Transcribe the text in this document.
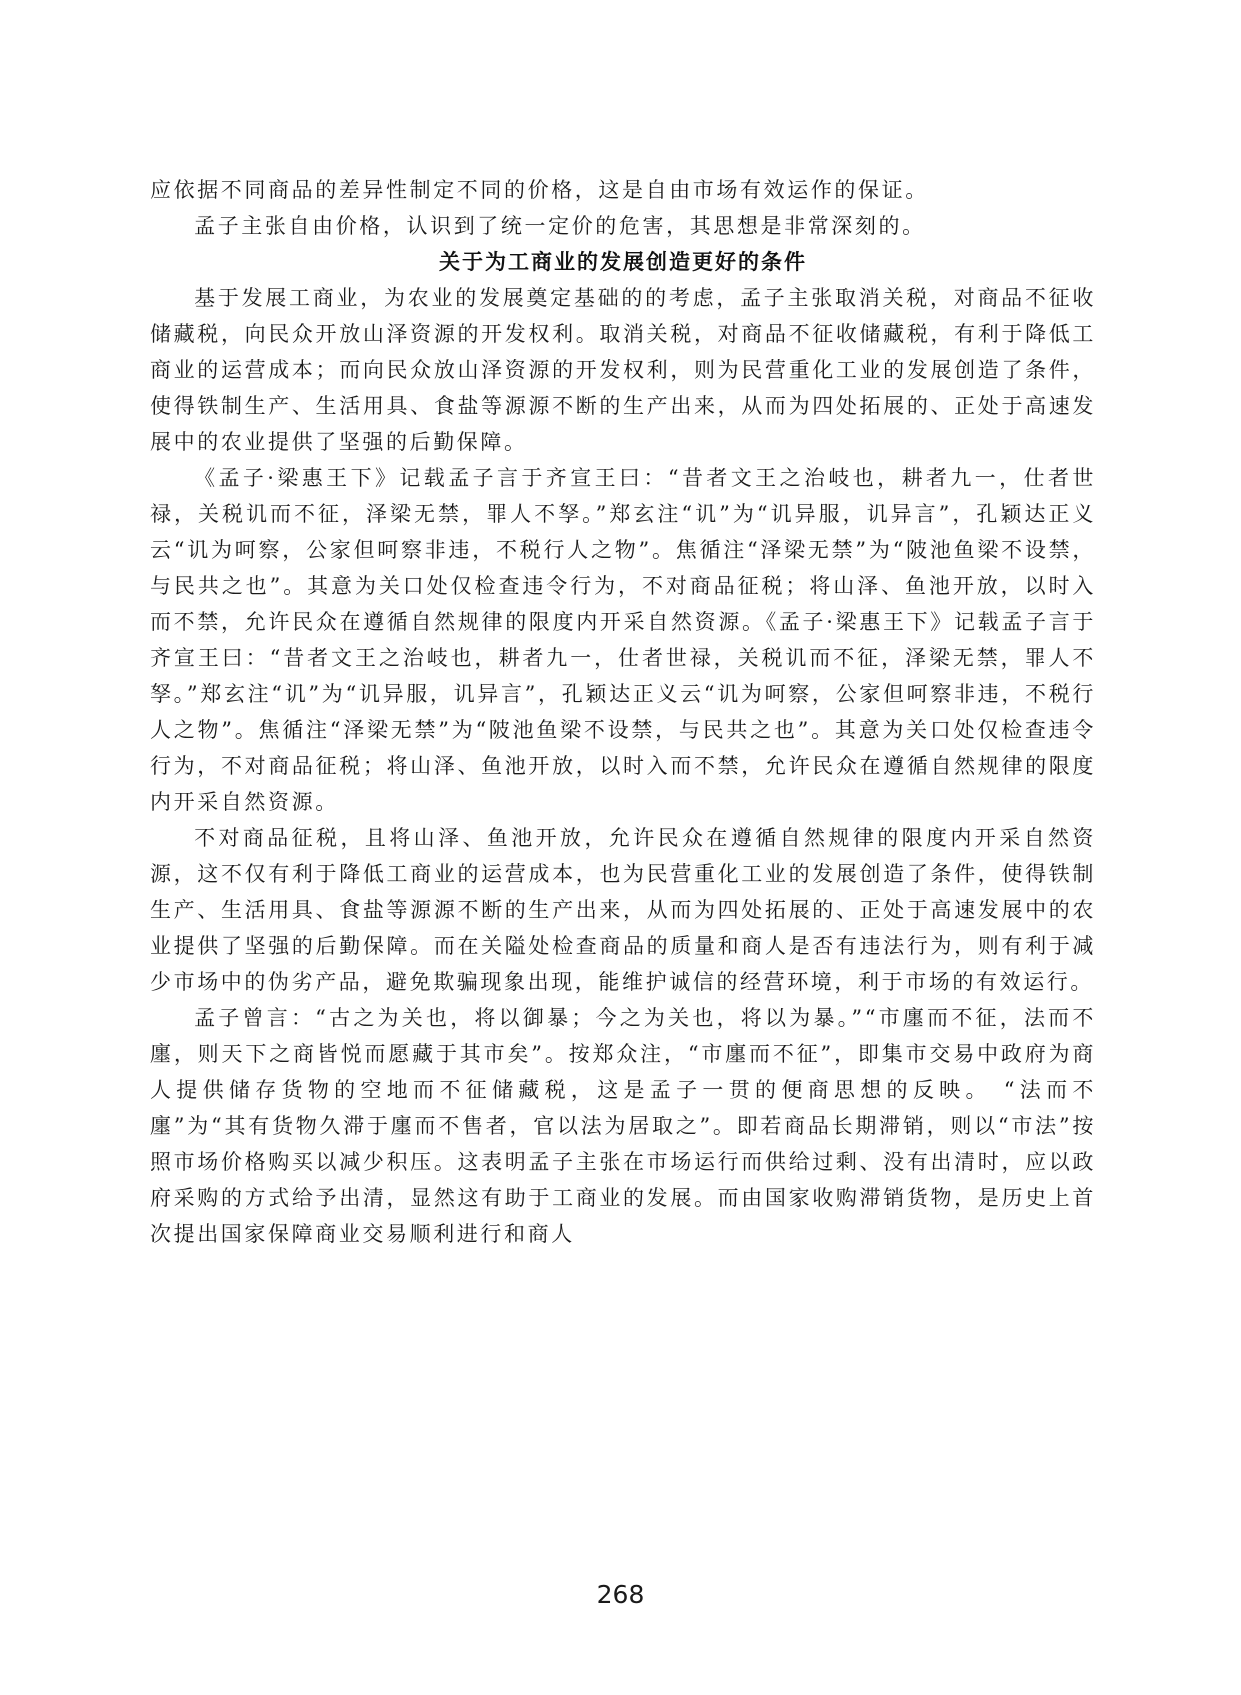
应依据不同商品的差异性制定不同的价格，这是自由市场有效运作的保证。

孟子主张自由价格，认识到了统一定价的危害，其思想是非常深刻的。

关于为工商业的发展创造更好的条件

基于发展工商业，为农业的发展奠定基础的的考虑，孟子主张取消关税，对商品不征收储藏税，向民众开放山泽资源的开发权利。取消关税，对商品不征收储藏税，有利于降低工商业的运营成本；而向民众放山泽资源的开发权利，则为民营重化工业的发展创造了条件，使得铁制生产、生活用具、食盐等源源不断的生产出来，从而为四处拓展的、正处于高速发展中的农业提供了坚强的后勤保障。

《孟子·梁惠王下》记载孟子言于齐宣王曰：“昔者文王之治岐也，耕者九一，仕者世禄，关税讥而不征，泽梁无禁，罪人不孥。”郑玄注“讥”为“讥异服，讥异言”，孔颖达正义云“讥为呵察，公家但呵察非违，不税行人之物”。焦循注“泽梁无禁”为“陂池鱼梁不设禁，与民共之也”。其意为关口处仅检查违令行为，不对商品征税；将山泽、鱼池开放，以时入而不禁，允许民众在遵循自然规律的限度内开采自然资源。《孟子·梁惠王下》记载孟子言于齐宣王曰：“昔者文王之治岐也，耕者九一，仕者世禄，关税讥而不征，泽梁无禁，罪人不孥。”郑玄注“讥”为“讥异服，讥异言”，孔颖达正义云“讥为呵察，公家但呵察非违，不税行人之物”。焦循注“泽梁无禁”为“陂池鱼梁不设禁，与民共之也”。其意为关口处仅检查违令行为，不对商品征税；将山泽、鱼池开放，以时入而不禁，允许民众在遵循自然规律的限度内开采自然资源。

不对商品征税，且将山泽、鱼池开放，允许民众在遵循自然规律的限度内开采自然资源，这不仅有利于降低工商业的运营成本，也为民营重化工业的发展创造了条件，使得铁制生产、生活用具、食盐等源源不断的生产出来，从而为四处拓展的、正处于高速发展中的农业提供了坚强的后勤保障。而在关隘处检查商品的质量和商人是否有违法行为，则有利于减少市场中的伪劣产品，避免欺骗现象出现，能维护诚信的经营环境，利于市场的有效运行。

孟子曾言：“古之为关也，将以御暴；今之为关也，将以为暴。”“市廛而不征，法而不廛，则天下之商皆悦而愿藏于其市矣”。按郑众注，“市廛而不征”，即集市交易中政府为商人提供储存货物的空地而不征储藏税，这是孟子一贯的便商思想的反映。 “法而不廛”为“其有货物久滞于廛而不售者，官以法为居取之”。即若商品长期滞销，则以“市法”按照市场价格购买以减少积压。这表明孟子主张在市场运行而供给过剩、没有出清时，应以政府采购的方式给予出清，显然这有助于工商业的发展。而由国家收购滞销货物，是历史上首次提出国家保障商业交易顺利进行和商人

268
